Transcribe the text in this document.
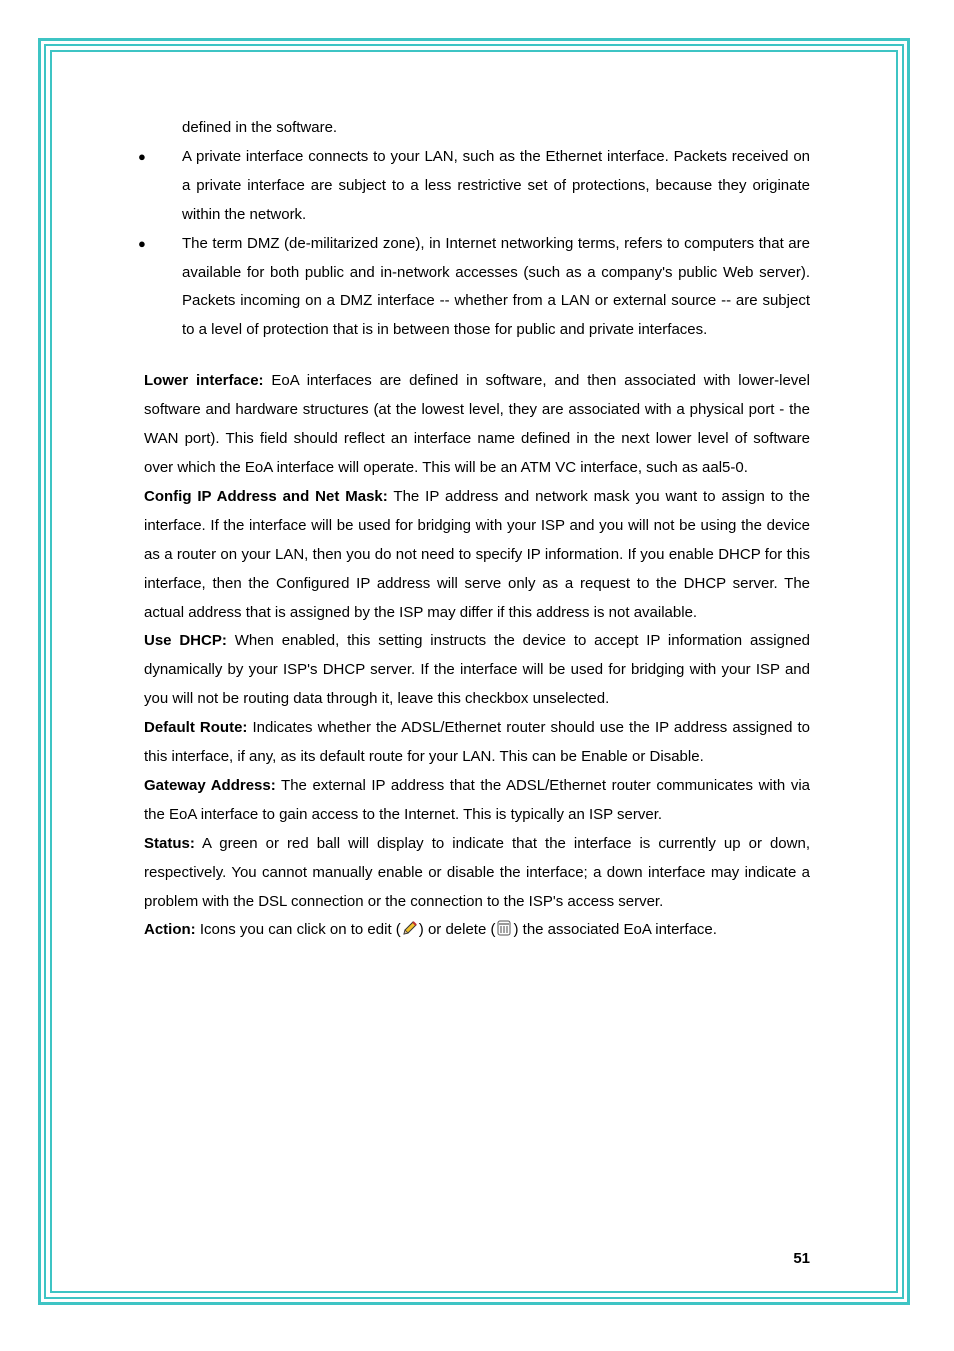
defined in the software.
● A private interface connects to your LAN, such as the Ethernet interface. Packets received on a private interface are subject to a less restrictive set of protections, because they originate within the network.
● The term DMZ (de-militarized zone), in Internet networking terms, refers to computers that are available for both public and in-network accesses (such as a company's public Web server). Packets incoming on a DMZ interface -- whether from a LAN or external source -- are subject to a level of protection that is in between those for public and private interfaces.

Lower interface: EoA interfaces are defined in software, and then associated with lower-level software and hardware structures (at the lowest level, they are associated with a physical port - the WAN port). This field should reflect an interface name defined in the next lower level of software over which the EoA interface will operate. This will be an ATM VC interface, such as aal5-0.

Config IP Address and Net Mask: The IP address and network mask you want to assign to the interface. If the interface will be used for bridging with your ISP and you will not be using the device as a router on your LAN, then you do not need to specify IP information. If you enable DHCP for this interface, then the Configured IP address will serve only as a request to the DHCP server. The actual address that is assigned by the ISP may differ if this address is not available.

Use DHCP: When enabled, this setting instructs the device to accept IP information assigned dynamically by your ISP's DHCP server. If the interface will be used for bridging with your ISP and you will not be routing data through it, leave this checkbox unselected.

Default Route: Indicates whether the ADSL/Ethernet router should use the IP address assigned to this interface, if any, as its default route for your LAN. This can be Enable or Disable.

Gateway Address: The external IP address that the ADSL/Ethernet router communicates with via the EoA interface to gain access to the Internet. This is typically an ISP server.

Status: A green or red ball will display to indicate that the interface is currently up or down, respectively. You cannot manually enable or disable the interface; a down interface may indicate a problem with the DSL connection or the connection to the ISP's access server.

Action: Icons you can click on to edit ( ) or delete ( ) the associated EoA interface.

51
